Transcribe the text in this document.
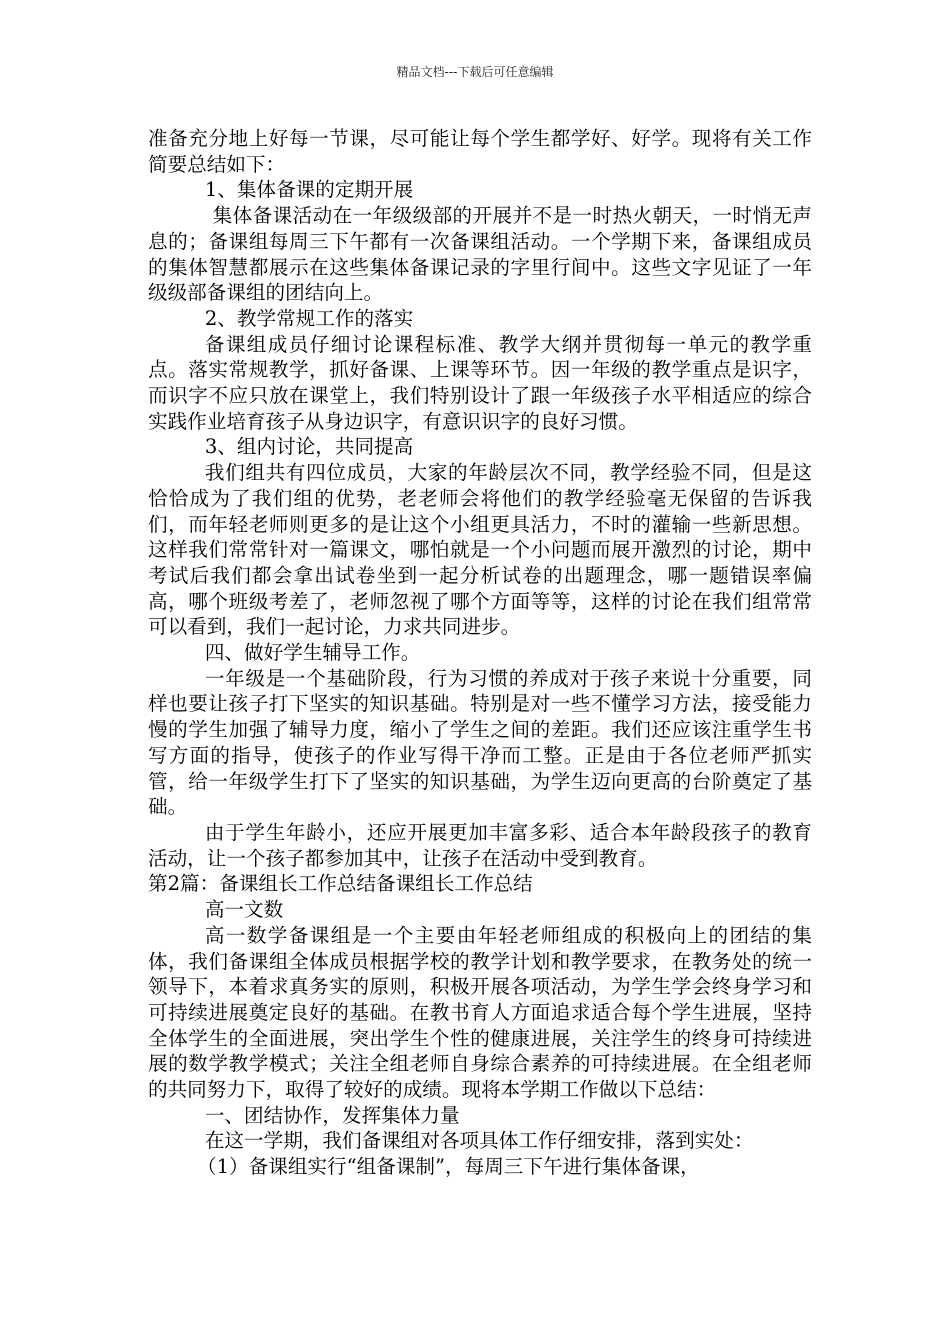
精品文档---下载后可任意编辑

准备充分地上好每一节课，尽可能让每个学生都学好、好学。现将有关工作简要总结如下：

1、集体备课的定期开展

集体备课活动在一年级级部的开展并不是一时热火朝天，一时悄无声息的；备课组每周三下午都有一次备课组活动。一个学期下来，备课组成员的集体智慧都展示在这些集体备课记录的字里行间中。这些文字见证了一年级级部备课组的团结向上。

2、教学常规工作的落实

备课组成员仔细讨论课程标准、教学大纲并贯彻每一单元的教学重点。落实常规教学，抓好备课、上课等环节。因一年级的教学重点是识字，而识字不应只放在课堂上，我们特别设计了跟一年级孩子水平相适应的综合实践作业培育孩子从身边识字，有意识识字的良好习惯。

3、组内讨论，共同提高

我们组共有四位成员，大家的年龄层次不同，教学经验不同，但是这恰恰成为了我们组的优势，老老师会将他们的教学经验毫无保留的告诉我们，而年轻老师则更多的是让这个小组更具活力，不时的灌输一些新思想。这样我们常常针对一篇课文，哪怕就是一个小问题而展开激烈的讨论，期中考试后我们都会拿出试卷坐到一起分析试卷的出题理念，哪一题错误率偏高，哪个班级考差了，老师忽视了哪个方面等等，这样的讨论在我们组常常可以看到，我们一起讨论，力求共同进步。

四、做好学生辅导工作。

一年级是一个基础阶段，行为习惯的养成对于孩子来说十分重要，同样也要让孩子打下坚实的知识基础。特别是对一些不懂学习方法，接受能力慢的学生加强了辅导力度，缩小了学生之间的差距。我们还应该注重学生书写方面的指导，使孩子的作业写得干净而工整。正是由于各位老师严抓实管，给一年级学生打下了坚实的知识基础，为学生迈向更高的台阶奠定了基础。

由于学生年龄小，还应开展更加丰富多彩、适合本年龄段孩子的教育活动，让一个孩子都参加其中，让孩子在活动中受到教育。

第2篇：备课组长工作总结备课组长工作总结

高一文数

高一数学备课组是一个主要由年轻老师组成的积极向上的团结的集体，我们备课组全体成员根据学校的教学计划和教学要求，在教务处的统一领导下，本着求真务实的原则，积极开展各项活动，为学生学会终身学习和可持续进展奠定良好的基础。在教书育人方面追求适合每个学生进展，坚持全体学生的全面进展，突出学生个性的健康进展，关注学生的终身可持续进展的数学教学模式；关注全组老师自身综合素养的可持续进展。在全组老师的共同努力下，取得了较好的成绩。现将本学期工作做以下总结：

一、团结协作，发挥集体力量

在这一学期，我们备课组对各项具体工作仔细安排，落到实处：

（1）备课组实行“组备课制”，每周三下午进行集体备课，
